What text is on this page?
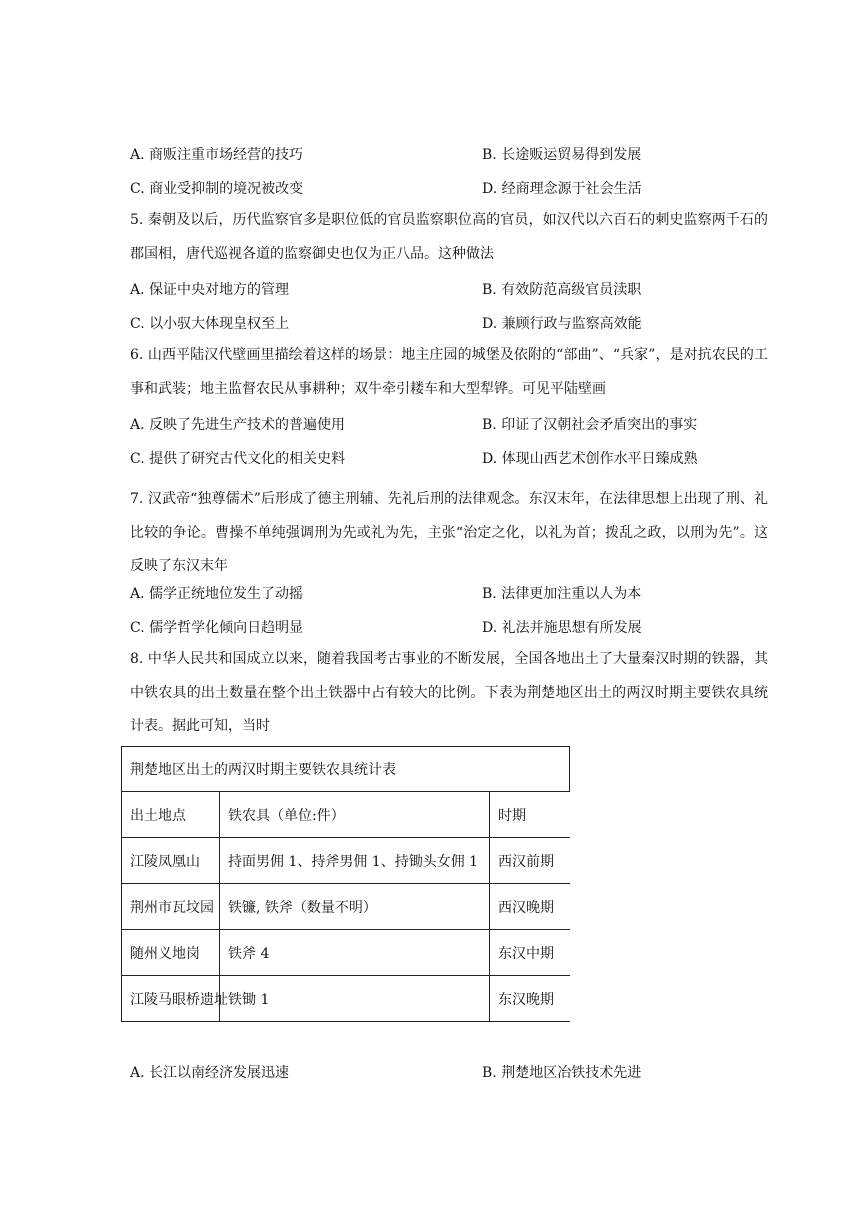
A. 商贩注重市场经营的技巧	B. 长途贩运贸易得到发展
C. 商业受抑制的境况被改变	D. 经商理念源于社会生活
5. 秦朝及以后，历代监察官多是职位低的官员监察职位高的官员，如汉代以六百石的刺史监察两千石的郡国相，唐代巡视各道的监察御史也仅为正八品。这种做法
A. 保证中央对地方的管理	B. 有效防范高级官员渎职
C. 以小驭大体现皇权至上	D. 兼顾行政与监察高效能
6. 山西平陆汉代壁画里描绘着这样的场景：地主庄园的城堡及依附的“部曲”、“兵家”，是对抗农民的工事和武装；地主监督农民从事耕种；双牛牵引耧车和大型犁铧。可见平陆壁画
A. 反映了先进生产技术的普遍使用	B. 印证了汉朝社会矛盾突出的事实
C. 提供了研究古代文化的相关史料	D. 体现山西艺术创作水平日臻成熟
7. 汉武帝“独尊儒术”后形成了德主刑辅、先礼后刑的法律观念。东汉末年，在法律思想上出现了刑、礼比较的争论。曹操不单纯强调刑为先或礼为先，主张“治定之化，以礼为首；拨乱之政，以刑为先”。这反映了东汉末年
A. 儒学正统地位发生了动摇	B. 法律更加注重以人为本
C. 儒学哲学化倾向日趋明显	D. 礼法并施思想有所发展
8. 中华人民共和国成立以来，随着我国考古事业的不断发展，全国各地出土了大量秦汉时期的铁器，其中铁农具的出土数量在整个出土铁器中占有较大的比例。下表为荆楚地区出土的两汉时期主要铁农具统计表。据此可知，当时
荆楚地区出土的两汉时期主要铁农具统计表		
出土地点	铁农具（单位:件）	时期
江陵凤凰山	持面男佣 1、持斧男佣 1、持锄头女佣 1	西汉前期
荆州市瓦坟园	铁镰, 铁斧（数量不明）	西汉晚期
随州义地岗	铁斧 4	东汉中期
江陵马眼桥遗址	铁锄 1	东汉晚期
A. 长江以南经济发展迅速	B. 荆楚地区冶铁技术先进
